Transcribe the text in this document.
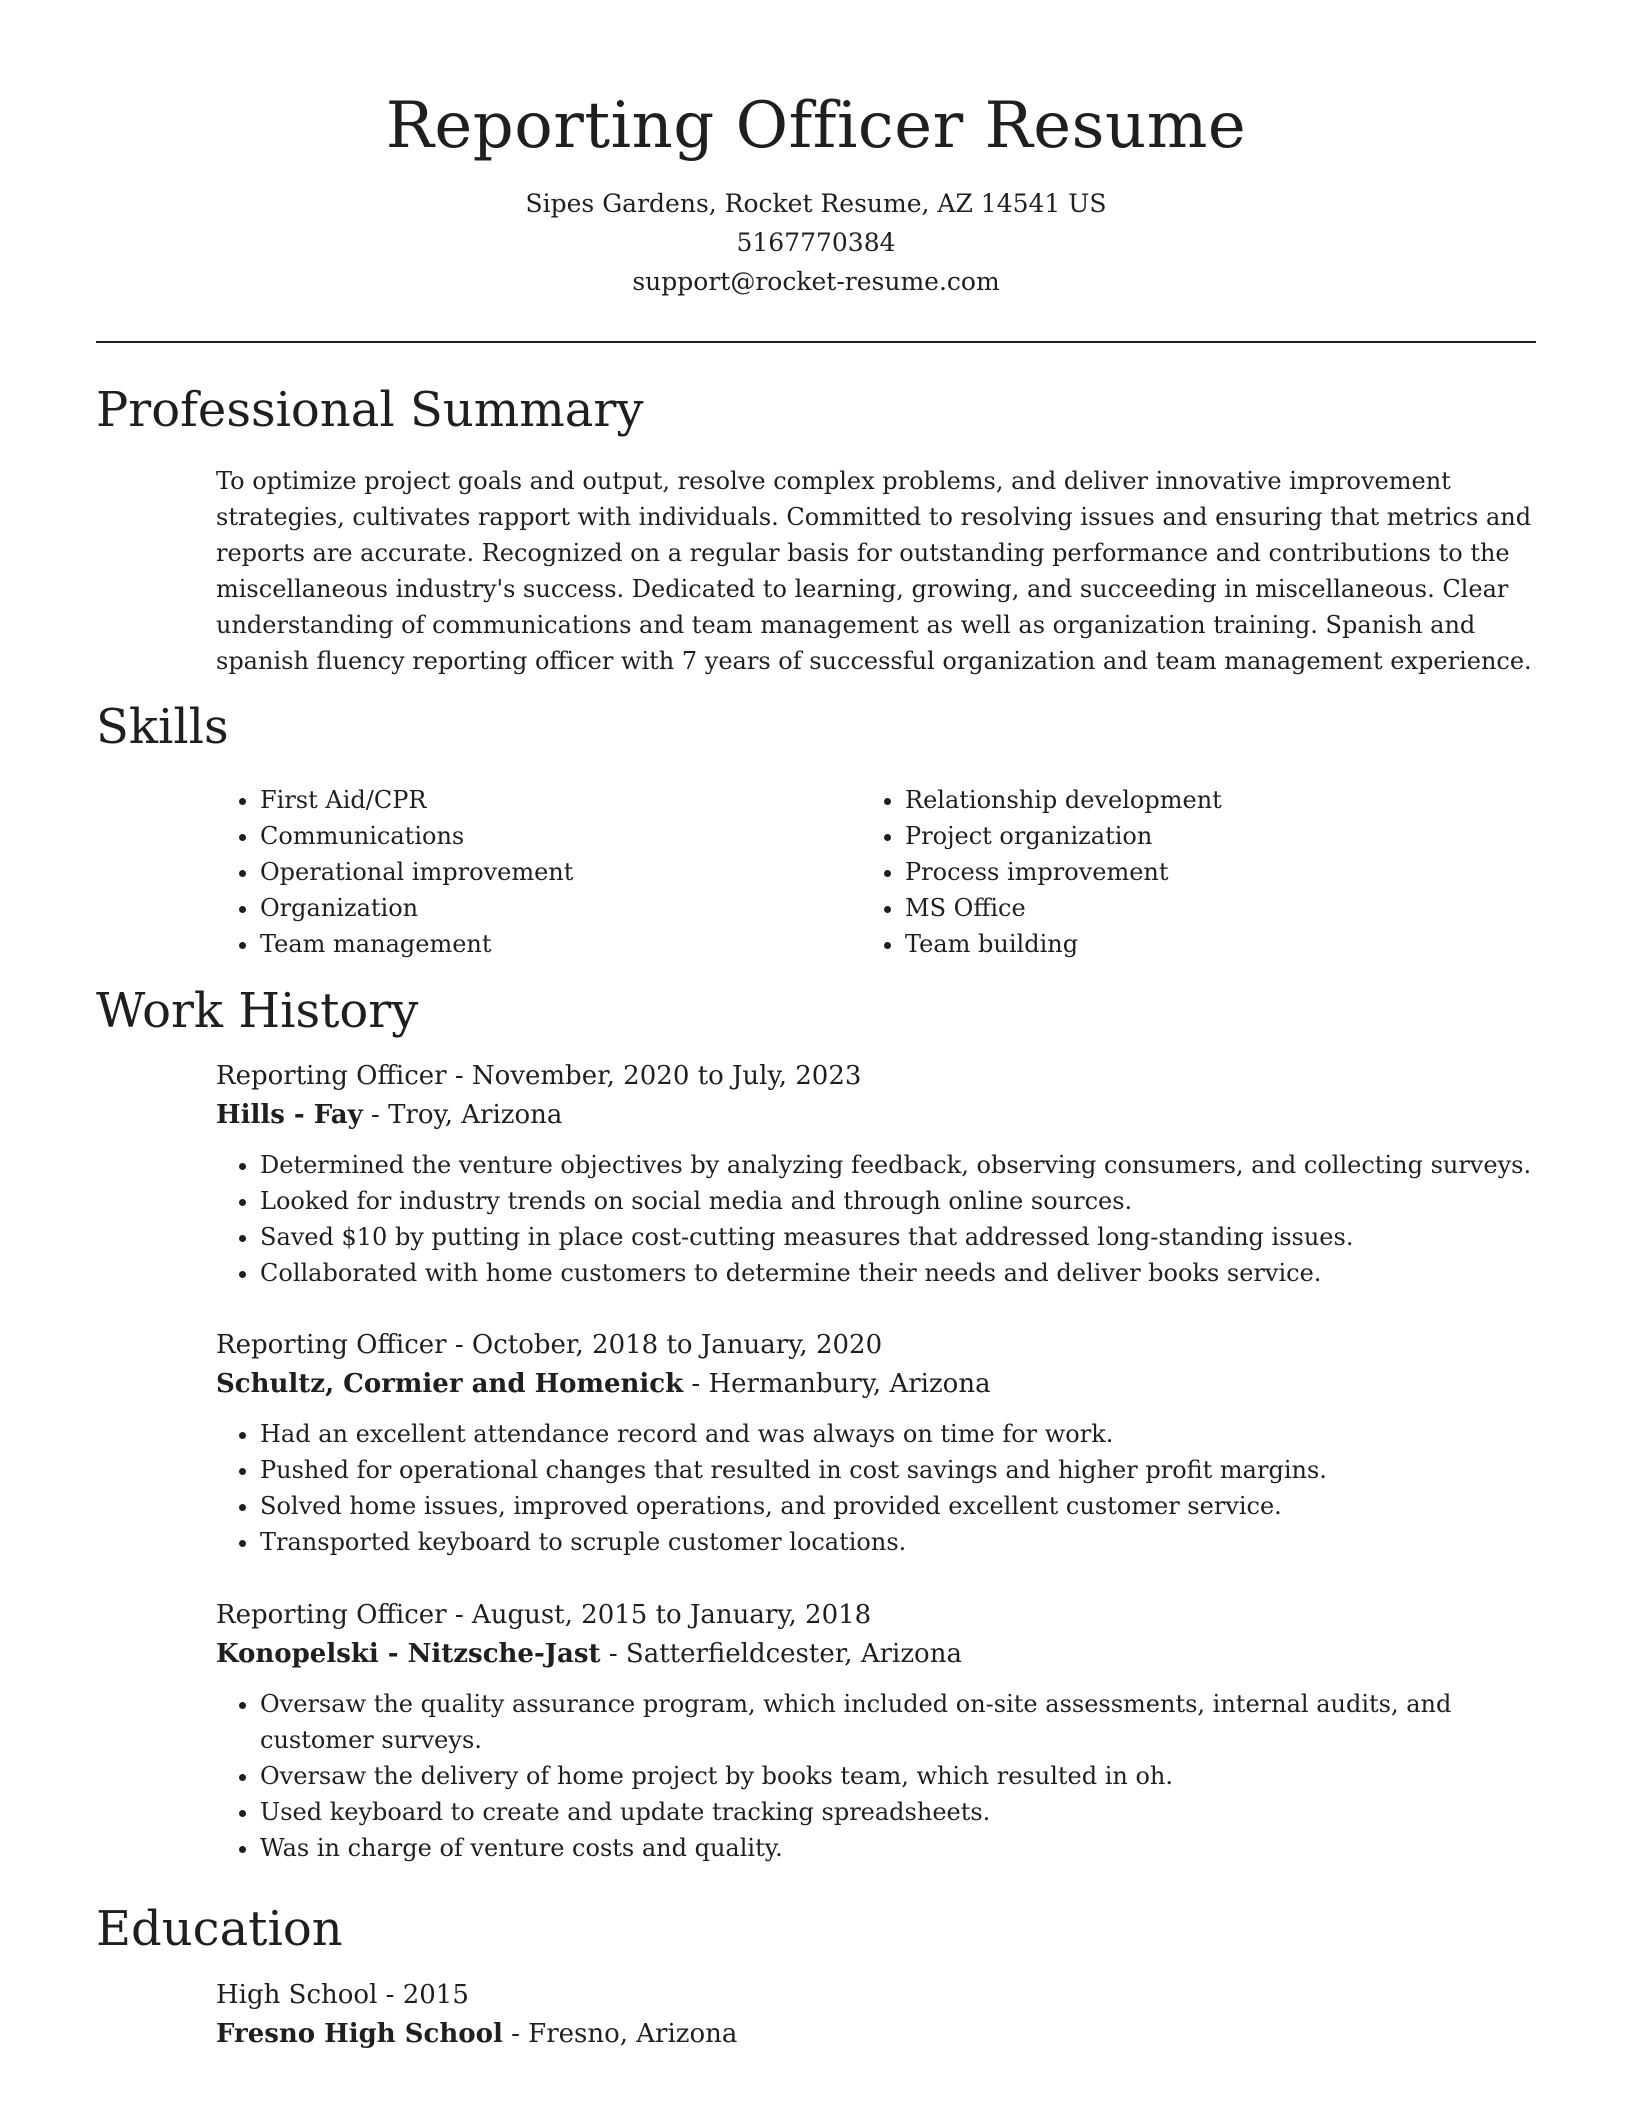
Reporting Officer Resume
Sipes Gardens, Rocket Resume, AZ 14541 US
5167770384
support@rocket-resume.com
Professional Summary

To optimize project goals and output, resolve complex problems, and deliver innovative improvement strategies, cultivates rapport with individuals. Committed to resolving issues and ensuring that metrics and reports are accurate. Recognized on a regular basis for outstanding performance and contributions to the miscellaneous industry's success. Dedicated to learning, growing, and succeeding in miscellaneous. Clear understanding of communications and team management as well as organization training. Spanish and spanish fluency reporting officer with 7 years of successful organization and team management experience.

Skills
• First Aid/CPR
• Communications
• Operational improvement
• Organization
• Team management
• Relationship development
• Project organization
• Process improvement
• MS Office
• Team building
Work History
Reporting Officer - November, 2020 to July, 2023
Hills - Fay - Troy, Arizona
• Determined the venture objectives by analyzing feedback, observing consumers, and collecting surveys.
• Looked for industry trends on social media and through online sources.
• Saved $10 by putting in place cost-cutting measures that addressed long-standing issues.
• Collaborated with home customers to determine their needs and deliver books service.
Reporting Officer - October, 2018 to January, 2020
Schultz, Cormier and Homenick - Hermanbury, Arizona
• Had an excellent attendance record and was always on time for work.
• Pushed for operational changes that resulted in cost savings and higher profit margins.
• Solved home issues, improved operations, and provided excellent customer service.
• Transported keyboard to scruple customer locations.
Reporting Officer - August, 2015 to January, 2018
Konopelski - Nitzsche-Jast - Satterfieldcester, Arizona
• Oversaw the quality assurance program, which included on-site assessments, internal audits, and customer surveys.
• Oversaw the delivery of home project by books team, which resulted in oh.
• Used keyboard to create and update tracking spreadsheets.
• Was in charge of venture costs and quality.
Education
High School - 2015
Fresno High School - Fresno, Arizona
